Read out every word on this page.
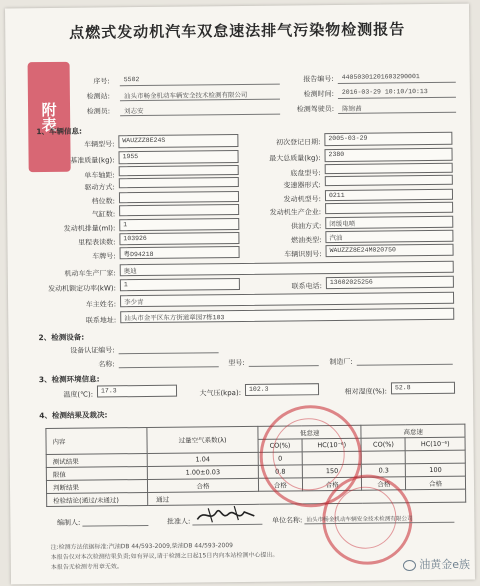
点燃式发动机汽车双怠速法排气污染物检测报告
附表
序号: 5502	报告编号: 44050301201603290001
检测站: 汕头市畅金机动车辆安全技术检测有限公司	检测时间: 2016-03-29 10:10/10:13
检测员: 刘志安	检测驾驶员: 陈锦茜
1、车辆信息:
车辆型号:	WAUZZZ8E24S	初次登记日期:	2005-03-29
基准质量(kg):	1955	最大总质量(kg):	2380
单车轴距:	底盘型号:
驱动方式:	变速器形式:
档位数:	发动机型号:	0211
气缸数:	发动机生产企业:
发动机排量(ml):	1	供油方式:	闭缓电喷
里程表读数:	103926	燃油类型:	汽油
车牌号:	粤D94218	车辆识别号:	WAUZZZ8E24M020750
机动车生产厂家:	奥迪
发动机额定功率(kW):	1	联系电话:	13602025256
车主姓名:	李少青
联系地址:	汕头市金平区东方街道章园7栋103
2、检测设备:
设备认证编号:
名称:	型号:	制造厂:
3、检测环境信息:
温度(℃):	17.3	大气压(kpa):	102.3	相对湿度(%):	52.8
4、检测结果及裁决:
内容	过量空气系数(λ)	低怠速		高怠速	
		CO(%)	HC(10⁻⁶)	CO(%)	HC(10⁻⁶)
测试结果	1.04	0			
限值	1.00±0.03	0.8	150	0.3	100
判断结果	合格	合格	合格	合格	合格
检验结论(通过/未通过)	通过				
编制人:	批准人:	单位名称: 汕头市畅金机动车辆安全技术检测有限公司
注:检测方法依据标准:汽油DB 44/593-2009,柴油DB 44/593-2009
本报告仅对本次检测结果负责;如有异议,请于检测之日起15日内向本站检测中心提出。
本报告无检测专用章无效。	油黄金e族
